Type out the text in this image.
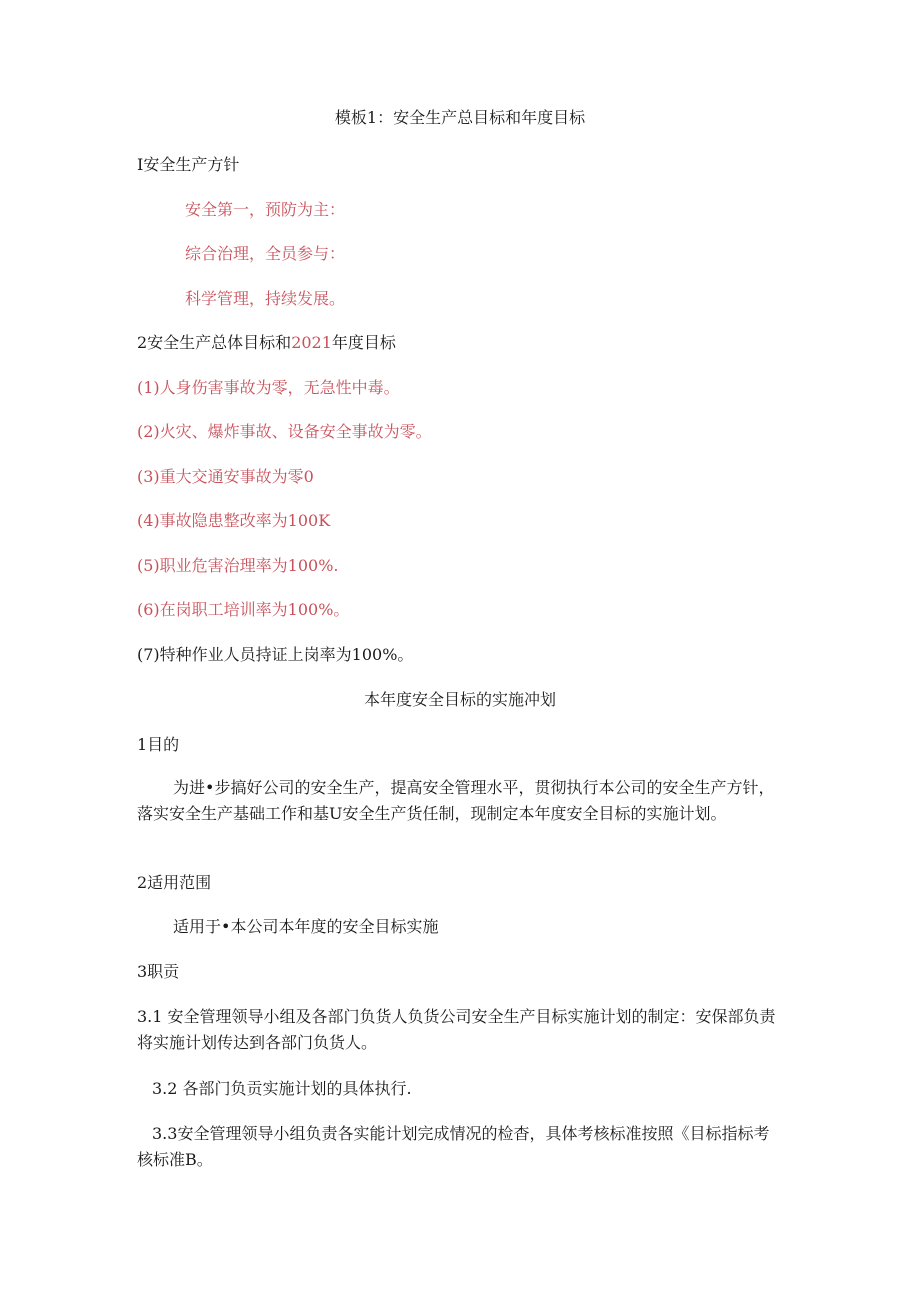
模板1：安全生产总目标和年度目标
I安全生产方针
安全第一，预防为主：
综合治理，全员参与：
科学管理，持续发展。
2安全生产总体目标和2021年度目标
(1)人身伤害事故为零，无急性中毒。
(2)火灾、爆炸事故、设备安全事故为零。
(3)重大交通安事故为零0
(4)事故隐患整改率为100K
(5)职业危害治理率为100%.
(6)在岗职工培训率为100%。
(7)特种作业人员持证上岗率为100%。
本年度安全目标的实施冲划
1目的
为进•步搞好公司的安全生产，提高安全管理水平，贯彻执行本公司的安全生产方针，落实安全生产基础工作和基U安全生产货任制，现制定本年度安全目标的实施计划。
2适用范围
适用于•本公司本年度的安全目标实施
3职贡
3.1 安全管理领导小组及各部门负货人负货公司安全生产目标实施计划的制定：安保部负责将实施计划传达到各部门负货人。
3.2 各部门负贡实施计划的具体执行.
3.3安全管理领导小组负责各实能计划完成情况的检杳，具体考核标准按照《目标指标考核标准B。
